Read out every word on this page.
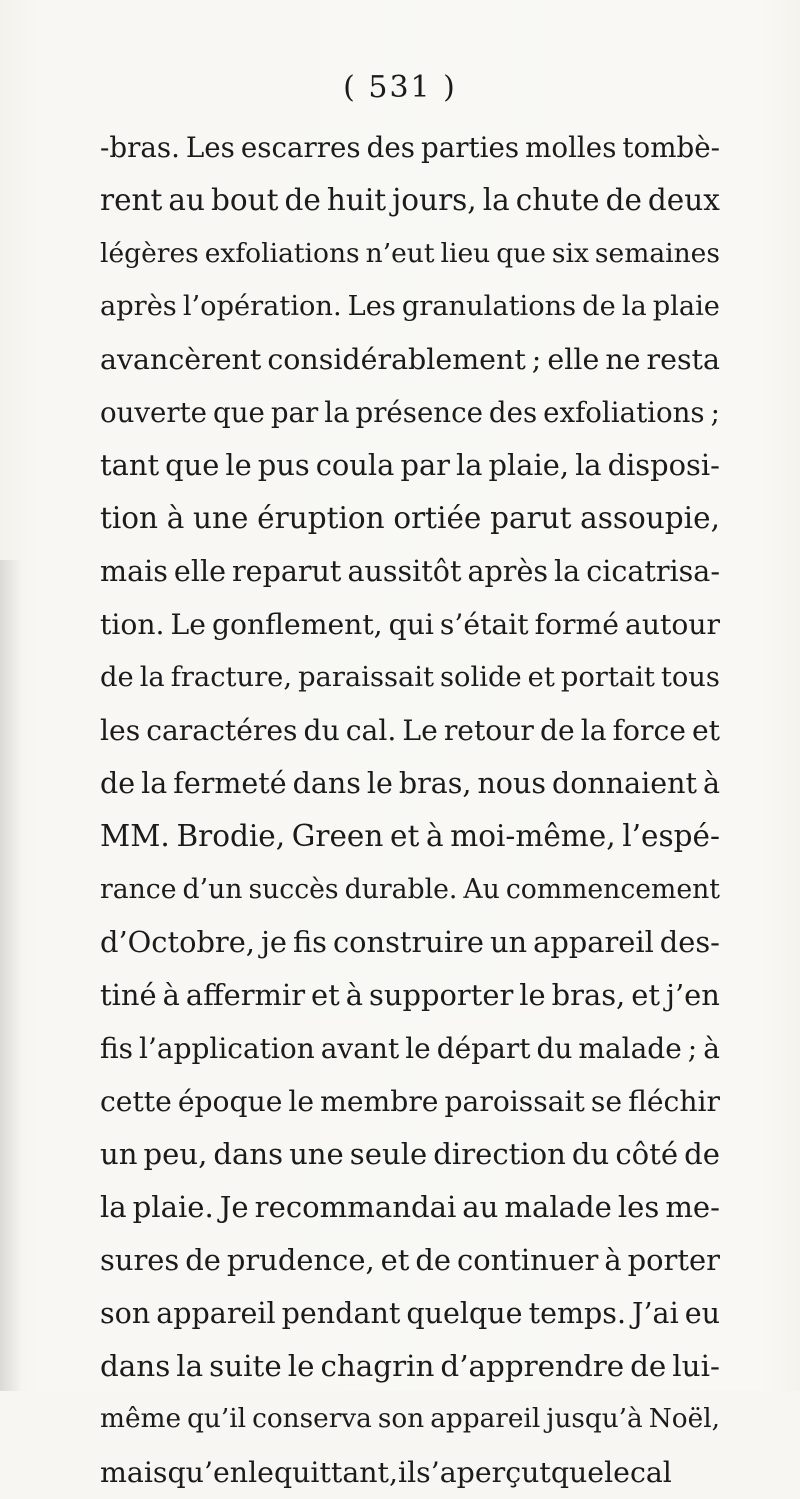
( 531 )
-bras. Les escarres des parties molles tombè-
rent au bout de huit jours, la chute de deux
légères exfoliations n’eut lieu que six semaines
après l’opération. Les granulations de la plaie
avancèrent considérablement ; elle ne resta
ouverte que par la présence des exfoliations ;
tant que le pus coula par la plaie, la disposi-
tion à une éruption ortiée parut assoupie,
mais elle reparut aussitôt après la cicatrisa-
tion. Le gonflement, qui s’était formé autour
de la fracture, paraissait solide et portait tous
les caractéres du cal. Le retour de la force et
de la fermeté dans le bras, nous donnaient à
MM. Brodie, Green et à moi-même, l’espé-
rance d’un succès durable. Au commencement
d’Octobre, je fis construire un appareil des-
tiné à affermir et à supporter le bras, et j’en
fis l’application avant le départ du malade ; à
cette époque le membre paroissait se fléchir
un peu, dans une seule direction du côté de
la plaie. Je recommandai au malade les me-
sures de prudence, et de continuer à porter
son appareil pendant quelque temps. J’ai eu
dans la suite le chagrin d’apprendre de lui-
même qu’il conserva son appareil jusqu’à Noël,
mais qu’en le quittant, il s’aperçut que le cal
